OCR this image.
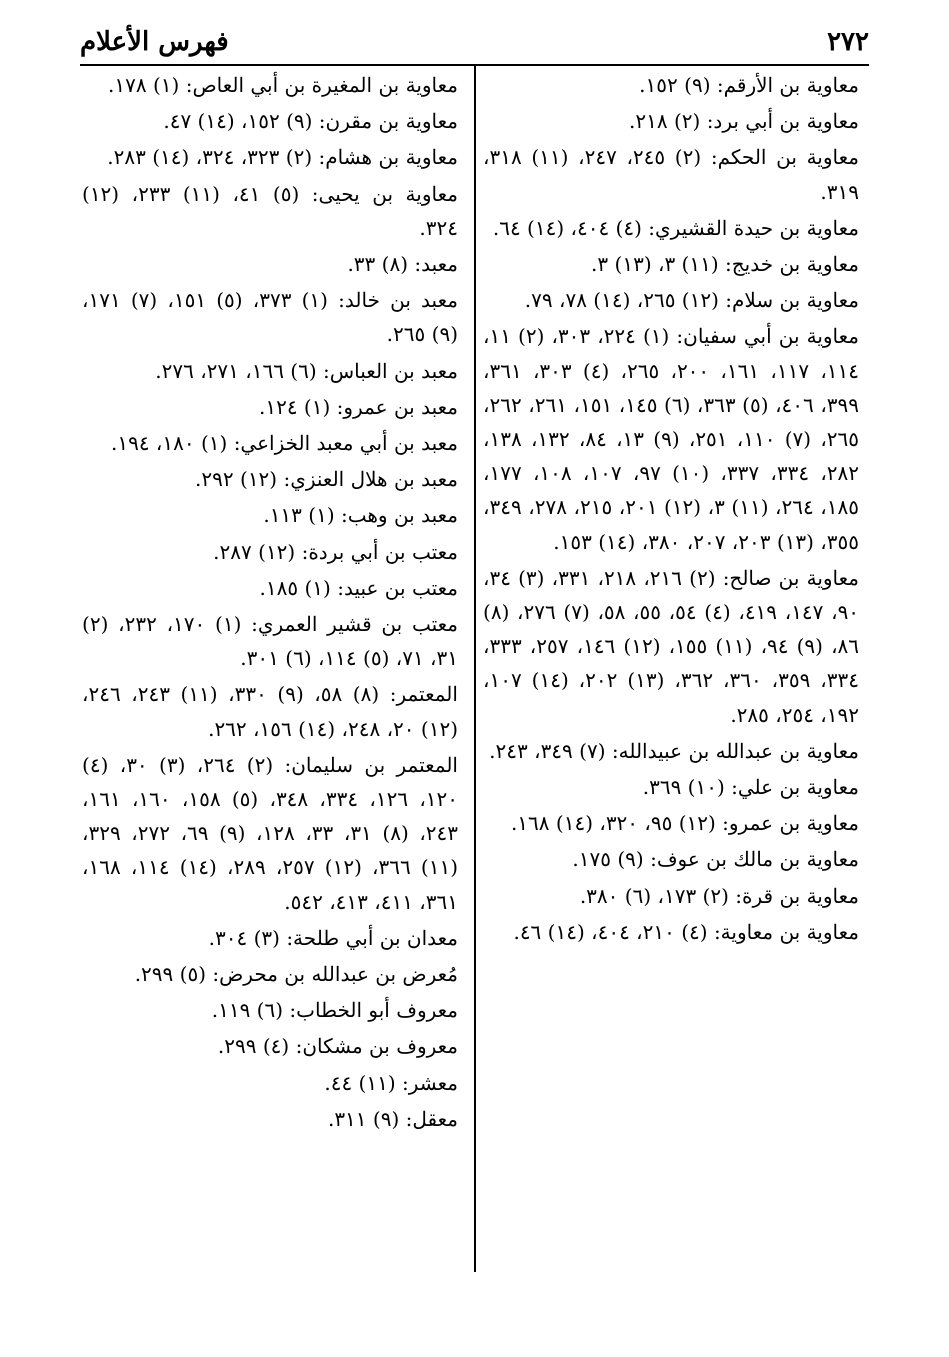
٢٧٢
فهرس الأعلام
معاوية بن الأرقم: (٩) ١٥٢.
معاوية بن أبي برد: (٢) ٢١٨.
معاوية بن الحكم: (٢) ٢٤٥، ٢٤٧، (١١) ٣١٨، ٣١٩.
معاوية بن حيدة القشيري: (٤) ٤٠٤، (١٤) ٦٤.
معاوية بن خديج: (١١) ٣، (١٣) ٣.
معاوية بن سلام: (١٢) ٢٦٥، (١٤) ٧٨، ٧٩.
معاوية بن أبي سفيان: (١) ٢٢٤، ٣٠٣، (٢) ١١، ١١٤، ١١٧، ١٦١، ٢٠٠، ٢٦٥، (٤) ٣٠٣، ٣٦١، ٣٩٩، ٤٠٦، (٥) ٣٦٣، (٦) ١٤٥، ١٥١، ٢٦١، ٢٦٢، ٢٦٥، (٧) ١١٠، ٢٥١، (٩) ١٣، ٨٤، ١٣٢، ١٣٨، ٢٨٢، ٣٣٤، ٣٣٧، (١٠) ٩٧، ١٠٧، ١٠٨، ١٧٧، ١٨٥، ٢٦٤، (١١) ٣، (١٢) ٢٠١، ٢١٥، ٢٧٨، ٣٤٩، ٣٥٥، (١٣) ٢٠٣، ٢٠٧، ٣٨٠، (١٤) ١٥٣.
معاوية بن صالح: (٢) ٢١٦، ٢١٨، ٣٣١، (٣) ٣٤، ٩٠، ١٤٧، ٤١٩، (٤) ٥٤، ٥٥، ٥٨، (٧) ٢٧٦، (٨) ٨٦، (٩) ٩٤، (١١) ١٥٥، (١٢) ١٤٦، ٢٥٧، ٣٣٣، ٣٣٤، ٣٥٩، ٣٦٠، ٣٦٢، (١٣) ٢٠٢، (١٤) ١٠٧، ١٩٢، ٢٥٤، ٢٨٥.
معاوية بن عبدالله بن عبيدالله: (٧) ٣٤٩، ٢٤٣.
معاوية بن علي: (١٠) ٣٦٩.
معاوية بن عمرو: (١٢) ٩٥، ٣٢٠، (١٤) ١٦٨.
معاوية بن مالك بن عوف: (٩) ١٧٥.
معاوية بن قرة: (٢) ١٧٣، (٦) ٣٨٠.
معاوية بن معاوية: (٤) ٢١٠، ٤٠٤، (١٤) ٤٦.
معاوية بن المغيرة بن أبي العاص: (١) ١٧٨.
معاوية بن مقرن: (٩) ١٥٢، (١٤) ٤٧.
معاوية بن هشام: (٢) ٣٢٣، ٣٢٤، (١٤) ٢٨٣.
معاوية بن يحيى: (٥) ٤١، (١١) ٢٣٣، (١٢) ٣٢٤.
معبد: (٨) ٣٣.
معبد بن خالد: (١) ٣٧٣، (٥) ١٥١، (٧) ١٧١، (٩) ٢٦٥.
معبد بن العباس: (٦) ١٦٦، ٢٧١، ٢٧٦.
معبد بن عمرو: (١) ١٢٤.
معبد بن أبي معبد الخزاعي: (١) ١٨٠، ١٩٤.
معبد بن هلال العنزي: (١٢) ٢٩٢.
معبد بن وهب: (١) ١١٣.
معتب بن أبي بردة: (١٢) ٢٨٧.
معتب بن عبيد: (١) ١٨٥.
معتب بن قشير العمري: (١) ١٧٠، ٢٣٢، (٢) ٣١، ٧١، (٥) ١١٤، (٦) ٣٠١.
المعتمر: (٨) ٥٨، (٩) ٣٣٠، (١١) ٢٤٣، ٢٤٦، (١٢) ٢٠، ٢٤٨، (١٤) ١٥٦، ٢٦٢.
المعتمر بن سليمان: (٢) ٢٦٤، (٣) ٣٠، (٤) ١٢٠، ١٢٦، ٣٣٤، ٣٤٨، (٥) ١٥٨، ١٦٠، ١٦١، ٢٤٣، (٨) ٣١، ٣٣، ١٢٨، (٩) ٦٩، ٢٧٢، ٣٢٩، (١١) ٣٦٦، (١٢) ٢٥٧، ٢٨٩، (١٤) ١١٤، ١٦٨، ٣٦١، ٤١١، ٤١٣، ٥٤٢.
معدان بن أبي طلحة: (٣) ٣٠٤.
مُعرض بن عبدالله بن محرض: (٥) ٢٩٩.
معروف أبو الخطاب: (٦) ١١٩.
معروف بن مشكان: (٤) ٢٩٩.
معشر: (١١) ٤٤.
معقل: (٩) ٣١١.
